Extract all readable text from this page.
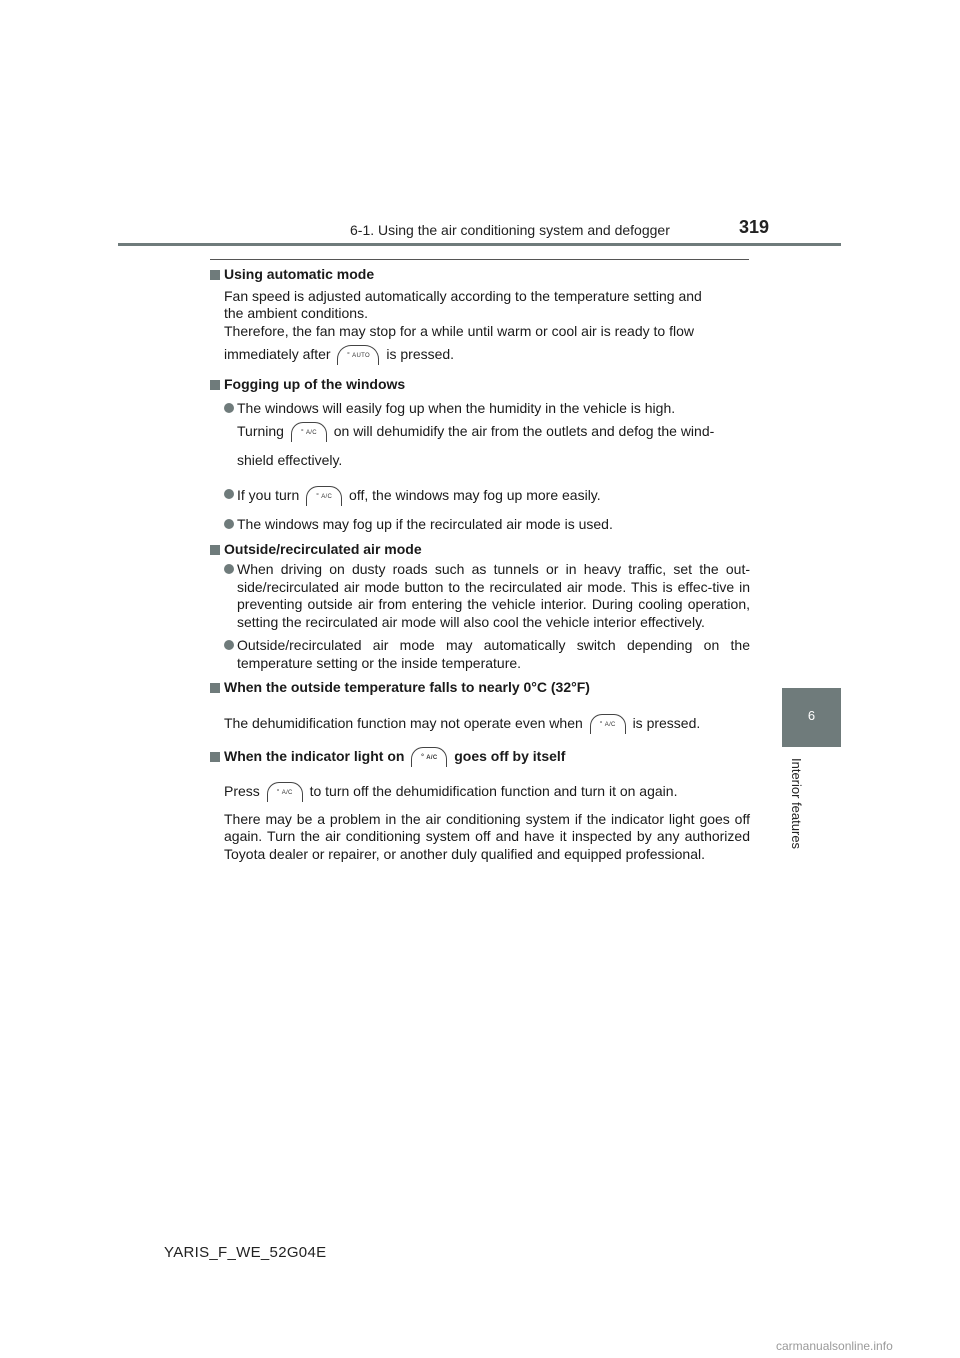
6-1. Using the air conditioning system and defogger	319
6
Interior features
Using automatic mode
Fan speed is adjusted automatically according to the temperature setting and
the ambient conditions.
Therefore, the fan may stop for a while until warm or cool air is ready to flow
immediately after	° AUTO	is pressed.
Fogging up of the windows
The windows will easily fog up when the humidity in the vehicle is high.
Turning	° A/C	on will dehumidify the air from the outlets and defog the wind-
shield effectively.
If you turn	° A/C	off, the windows may fog up more easily.
The windows may fog up if the recirculated air mode is used.
Outside/recirculated air mode
When driving on dusty roads such as tunnels or in heavy traffic, set the out-side/recirculated air mode button to the recirculated air mode. This is effec-tive in preventing outside air from entering the vehicle interior. During cooling operation, setting the recirculated air mode will also cool the vehicle interior effectively.
Outside/recirculated air mode may automatically switch depending on the temperature setting or the inside temperature.
When the outside temperature falls to nearly 0°C (32°F)
The dehumidification function may not operate even when	° A/C	is pressed.
When the indicator light on	° A/C	goes off by itself
Press	° A/C	to turn off the dehumidification function and turn it on again.
There may be a problem in the air conditioning system if the indicator light goes off again. Turn the air conditioning system off and have it inspected by any authorized Toyota dealer or repairer, or another duly qualified and equipped professional.
YARIS_F_WE_52G04E
carmanualsonline.info
